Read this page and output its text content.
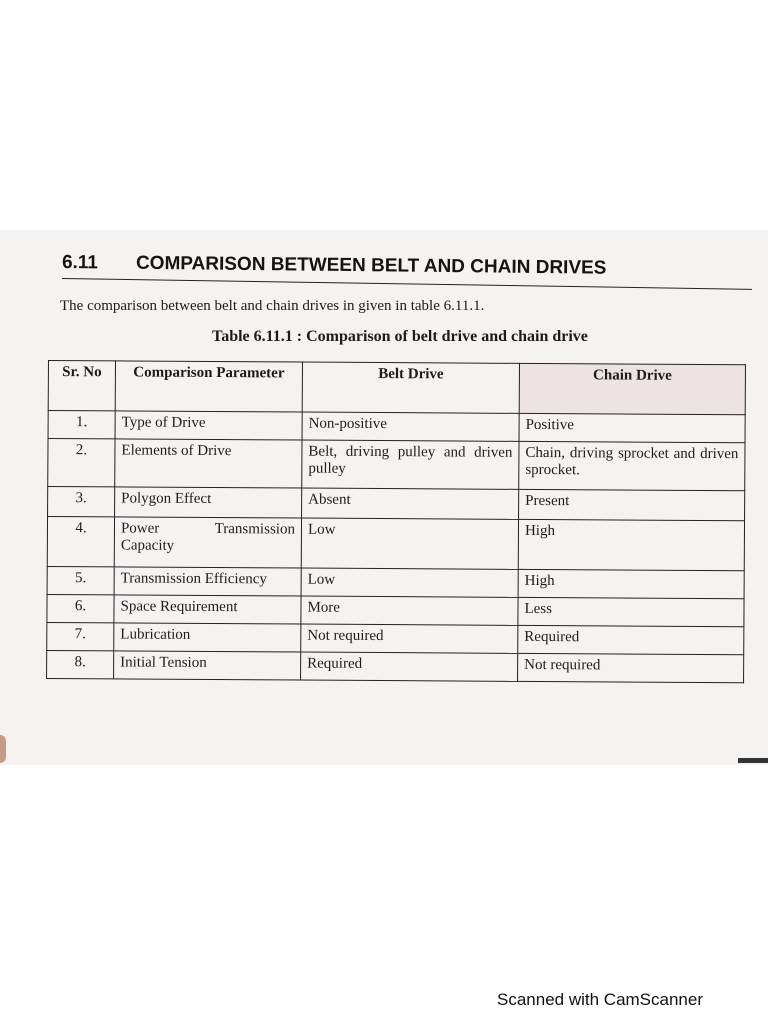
6.11 COMPARISON BETWEEN BELT AND CHAIN DRIVES
The comparison between belt and chain drives in given in table 6.11.1.
Table 6.11.1 : Comparison of belt drive and chain drive
Sr. No	Comparison Parameter	Belt Drive	Chain Drive
1.	Type of Drive	Non-positive	Positive
2.	Elements of Drive	Belt, driving pulley and driven pulley	Chain, driving sprocket and driven sprocket.
3.	Polygon Effect	Absent	Present
4.	Power Transmission Capacity	Low	High
5.	Transmission Efficiency	Low	High
6.	Space Requirement	More	Less
7.	Lubrication	Not required	Required
8.	Initial Tension	Required	Not required
Scanned with CamScanner
